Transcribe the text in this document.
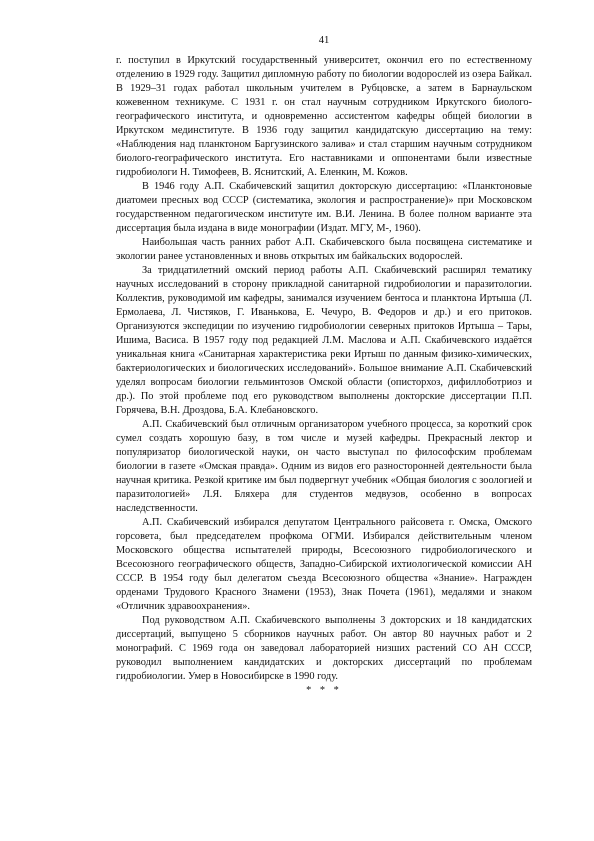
41

г. поступил в Иркутский государственный университет, окончил его по естественному отделению в 1929 году. Защитил дипломную работу по биологии водорослей из озера Байкал. В 1929–31 годах работал школьным учителем в Рубцовске, а затем в Барнаульском кожевенном техникуме. С 1931 г. он стал научным сотрудником Иркутского биолого-географического института, и одновременно ассистентом кафедры общей биологии в Иркутском мединституте. В 1936 году защитил кандидатскую диссертацию на тему: «Наблюдения над планктоном Баргузинского залива» и стал старшим научным сотрудником биолого-географического института. Его наставниками и оппонентами были известные гидробиологи Н. Тимофеев, В. Яснитский, А. Еленкин, М. Кожов.

В 1946 году А.П. Скабичевский защитил докторскую диссертацию: «Планктоновые диатомеи пресных вод СССР (систематика, экология и распространение)» при Московском государственном педагогическом институте им. В.И. Ленина. В более полном варианте эта диссертация была издана в виде монографии (Издат. МГУ, М-, 1960).

Наибольшая часть ранних работ А.П. Скабичевского была посвящена систематике и экологии ранее установленных и вновь открытых им байкальских водорослей.

За тридцатилетний омский период работы А.П. Скабичевский расширял тематику научных исследований в сторону прикладной санитарной гидробиологии и паразитологии. Коллектив, руководимой им кафедры, занимался изучением бентоса и планктона Иртыша (Л. Ермолаева, Л. Чистяков, Г. Иванькова, Е. Чечуро, В. Федоров и др.) и его притоков. Организуются экспедиции по изучению гидробиологии северных притоков Иртыша – Тары, Ишима, Васиса. В 1957 году под редакцией Л.М. Маслова и А.П. Скабичевского издаётся уникальная книга «Санитарная характеристика реки Иртыш по данным физико-химических, бактериологических и биологических исследований». Большое внимание А.П. Скабичевский уделял вопросам биологии гельминтозов Омской области (описторхоз, дифиллоботриоз и др.). По этой проблеме под его руководством выполнены докторские диссертации П.П. Горячева, В.Н. Дроздова, Б.А. Клебановского.

А.П. Скабичевский был отличным организатором учебного процесса, за короткий срок сумел создать хорошую базу, в том числе и музей кафедры. Прекрасный лектор и популяризатор биологической науки, он часто выступал по философским проблемам биологии в газете «Омская правда». Одним из видов его разносторонней деятельности была научная критика. Резкой критике им был подвергнут учебник «Общая биология с зоологией и паразитологией» Л.Я. Бляхера для студентов медвузов, особенно в вопросах наследственности.

А.П. Скабичевский избирался депутатом Центрального райсовета г. Омска, Омского горсовета, был председателем профкома ОГМИ. Избирался действительным членом Московского общества испытателей природы, Всесоюзного гидробиологического и Всесоюзного географического обществ, Западно-Сибирской ихтиологической комиссии АН СССР. В 1954 году был делегатом съезда Всесоюзного общества «Знание». Награжден орденами Трудового Красного Знамени (1953), Знак Почета (1961), медалями и знаком «Отличник здравоохранения».

Под руководством А.П. Скабичевского выполнены 3 докторских и 18 кандидатских диссертаций, выпущено 5 сборников научных работ. Он автор 80 научных работ и 2 монографий. С 1969 года он заведовал лабораторией низших растений СО АН СССР, руководил выполнением кандидатских и докторских диссертаций по проблемам гидробиологии. Умер в Новосибирске в 1990 году.

* * *
